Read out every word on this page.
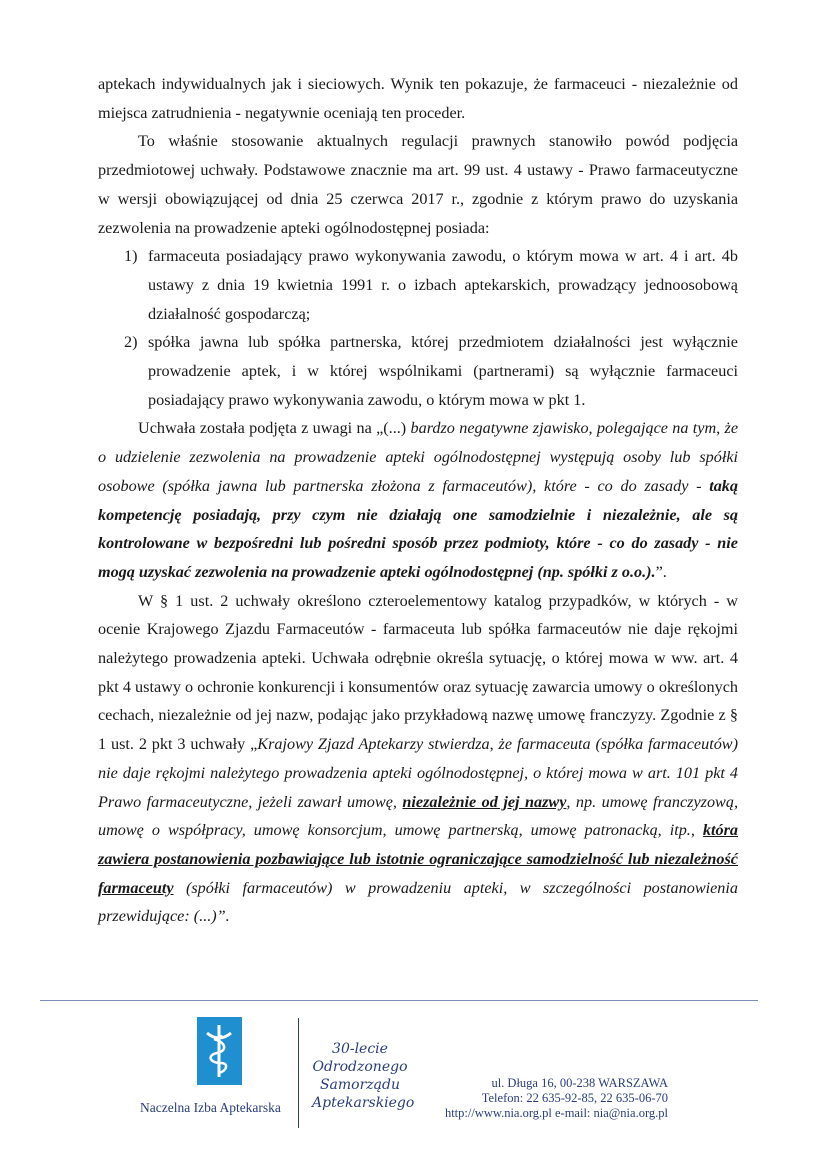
aptekach indywidualnych jak i sieciowych. Wynik ten pokazuje, że farmaceuci - niezależnie od miejsca zatrudnienia - negatywnie oceniają ten proceder.

To właśnie stosowanie aktualnych regulacji prawnych stanowiło powód podjęcia przedmiotowej uchwały. Podstawowe znacznie ma art. 99 ust. 4 ustawy - Prawo farmaceutyczne w wersji obowiązującej od dnia 25 czerwca 2017 r., zgodnie z którym prawo do uzyskania zezwolenia na prowadzenie apteki ogólnodostępnej posiada:

1) farmaceuta posiadający prawo wykonywania zawodu, o którym mowa w art. 4 i art. 4b ustawy z dnia 19 kwietnia 1991 r. o izbach aptekarskich, prowadzący jednoosobową działalność gospodarczą;
2) spółka jawna lub spółka partnerska, której przedmiotem działalności jest wyłącznie prowadzenie aptek, i w której wspólnikami (partnerami) są wyłącznie farmaceuci posiadający prawo wykonywania zawodu, o którym mowa w pkt 1.

Uchwała została podjęta z uwagi na „(...) bardzo negatywne zjawisko, polegające na tym, że o udzielenie zezwolenia na prowadzenie apteki ogólnodostępnej występują osoby lub spółki osobowe (spółka jawna lub partnerska złożona z farmaceutów), które - co do zasady - taką kompetencję posiadają, przy czym nie działają one samodzielnie i niezależnie, ale są kontrolowane w bezpośredni lub pośredni sposób przez podmioty, które - co do zasady - nie mogą uzyskać zezwolenia na prowadzenie apteki ogólnodostępnej (np. spółki z o.o.).”.

W § 1 ust. 2 uchwały określono czteroelementowy katalog przypadków, w których - w ocenie Krajowego Zjazdu Farmaceutów - farmaceuta lub spółka farmaceutów nie daje rękojmi należytego prowadzenia apteki. Uchwała odrębnie określa sytuację, o której mowa w ww. art. 4 pkt 4 ustawy o ochronie konkurencji i konsumentów oraz sytuację zawarcia umowy o określonych cechach, niezależnie od jej nazw, podając jako przykładową nazwę umowę franczyzy. Zgodnie z § 1 ust. 2 pkt 3 uchwały „Krajowy Zjazd Aptekarzy stwierdza, że farmaceuta (spółka farmaceutów) nie daje rękojmi należytego prowadzenia apteki ogólnodostępnej, o której mowa w art. 101 pkt 4 Prawo farmaceutyczne, jeżeli zawarł umowę, niezależnie od jej nazwy, np. umowę franczyzową, umowę o współpracy, umowę konsorcjum, umowę partnerską, umowę patronacką, itp., która zawiera postanowienia pozbawiające lub istotnie ograniczające samodzielność lub niezależność farmaceuty (spółki farmaceutów) w prowadzeniu apteki, w szczególności postanowienia przewidujące: (...)”.

Naczelna Izba Aptekarska
30-lecie
Odrodzonego
Samorządu
Aptekarskiego
ul. Długa 16, 00-238 WARSZAWA
Telefon: 22 635-92-85, 22 635-06-70
http://www.nia.org.pl e-mail: nia@nia.org.pl
